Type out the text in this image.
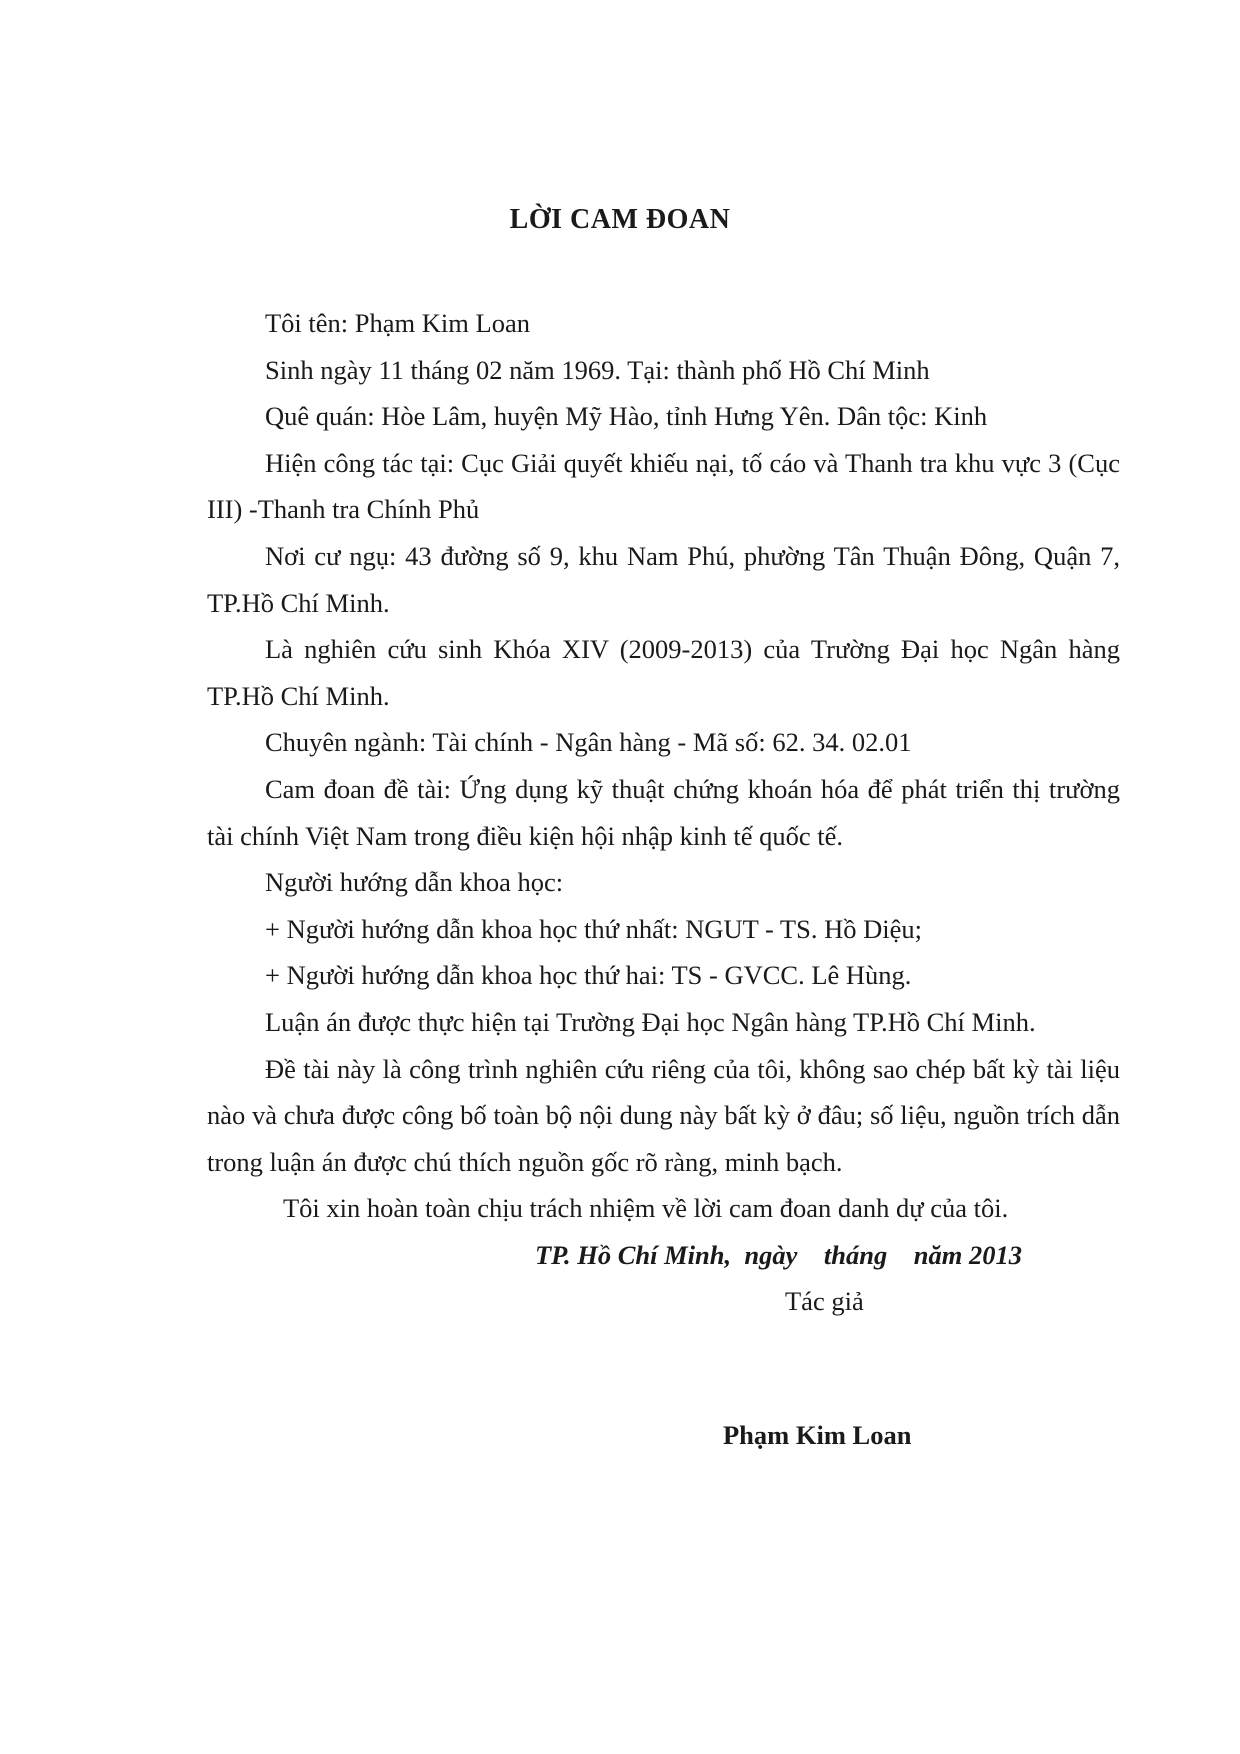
LỜI CAM ĐOAN

Tôi tên: Phạm Kim Loan

Sinh ngày 11 tháng 02 năm 1969. Tại: thành phố Hồ Chí Minh

Quê quán: Hòe Lâm, huyện Mỹ Hào, tỉnh Hưng Yên. Dân tộc: Kinh

Hiện công tác tại: Cục Giải quyết khiếu nại, tố cáo và Thanh tra khu vực 3 (Cục III) -Thanh tra Chính Phủ

Nơi cư ngụ: 43 đường số 9, khu Nam Phú, phường Tân Thuận Đông, Quận 7, TP.Hồ Chí Minh.

Là nghiên cứu sinh Khóa XIV (2009-2013) của Trường Đại học Ngân hàng TP.Hồ Chí Minh.

Chuyên ngành: Tài chính - Ngân hàng - Mã số: 62. 34. 02.01

Cam đoan đề tài: Ứng dụng kỹ thuật chứng khoán hóa để phát triển thị trường tài chính Việt Nam trong điều kiện hội nhập kinh tế quốc tế.

Người hướng dẫn khoa học:

+ Người hướng dẫn khoa học thứ nhất: NGUT - TS. Hồ Diệu;

+ Người hướng dẫn khoa học thứ hai: TS - GVCC. Lê Hùng.

Luận án được thực hiện tại Trường Đại học Ngân hàng TP.Hồ Chí Minh.

Đề tài này là công trình nghiên cứu riêng của tôi, không sao chép bất kỳ tài liệu nào và chưa được công bố toàn bộ nội dung này bất kỳ ở đâu; số liệu, nguồn trích dẫn trong luận án được chú thích nguồn gốc rõ ràng, minh bạch.

Tôi xin hoàn toàn chịu trách nhiệm về lời cam đoan danh dự của tôi.

TP. Hồ Chí Minh,  ngày    tháng    năm 2013

Tác giả

Phạm Kim Loan
